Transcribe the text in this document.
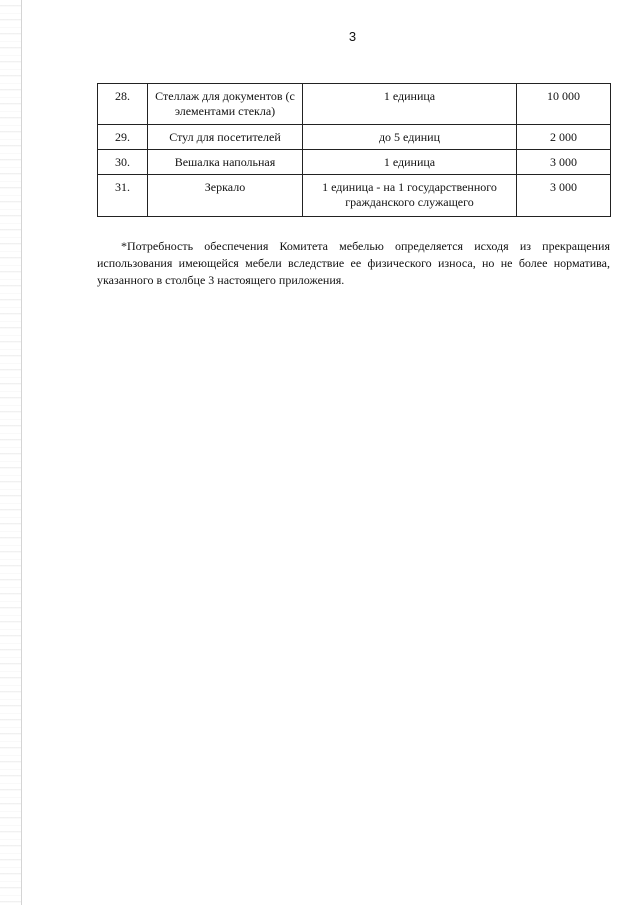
3
28.	Стеллаж для документов (с элементами стекла)	1 единица	10 000
29.	Стул для посетителей	до 5 единиц	2 000
30.	Вешалка напольная	1 единица	3 000
31.	Зеркало	1 единица - на 1 государственного гражданского служащего	3 000

*Потребность обеспечения Комитета мебелью определяется исходя из прекращения использования имеющейся мебели вследствие ее физического износа, но не более норматива, указанного в столбце 3 настоящего приложения.
